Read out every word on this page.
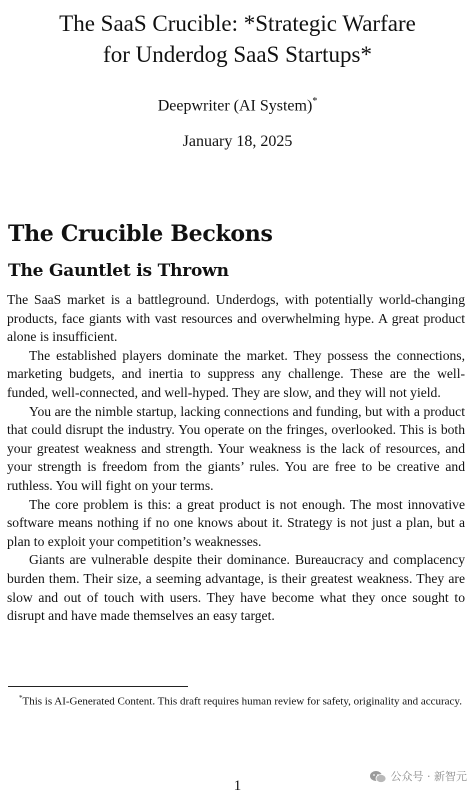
The SaaS Crucible: *Strategic Warfare
for Underdog SaaS Startups*
Deepwriter (AI System)*
January 18, 2025
The Crucible Beckons
The Gauntlet is Thrown

The SaaS market is a battleground. Underdogs, with potentially world-changing products, face giants with vast resources and overwhelming hype. A great product alone is insufficient.

The established players dominate the market. They possess the connections, marketing budgets, and inertia to suppress any challenge. These are the well-funded, well-connected, and well-hyped. They are slow, and they will not yield.

You are the nimble startup, lacking connections and funding, but with a product that could disrupt the industry. You operate on the fringes, overlooked. This is both your greatest weakness and strength. Your weakness is the lack of resources, and your strength is freedom from the giants’ rules. You are free to be creative and ruthless. You will fight on your terms.

The core problem is this: a great product is not enough. The most innovative software means nothing if no one knows about it. Strategy is not just a plan, but a plan to exploit your competition’s weaknesses.

Giants are vulnerable despite their dominance. Bureaucracy and complacency burden them. Their size, a seeming advantage, is their greatest weakness. They are slow and out of touch with users. They have become what they once sought to disrupt and have made themselves an easy target.

*This is AI-Generated Content. This draft requires human review for safety, originality and accuracy.

1
公众号 · 新智元
